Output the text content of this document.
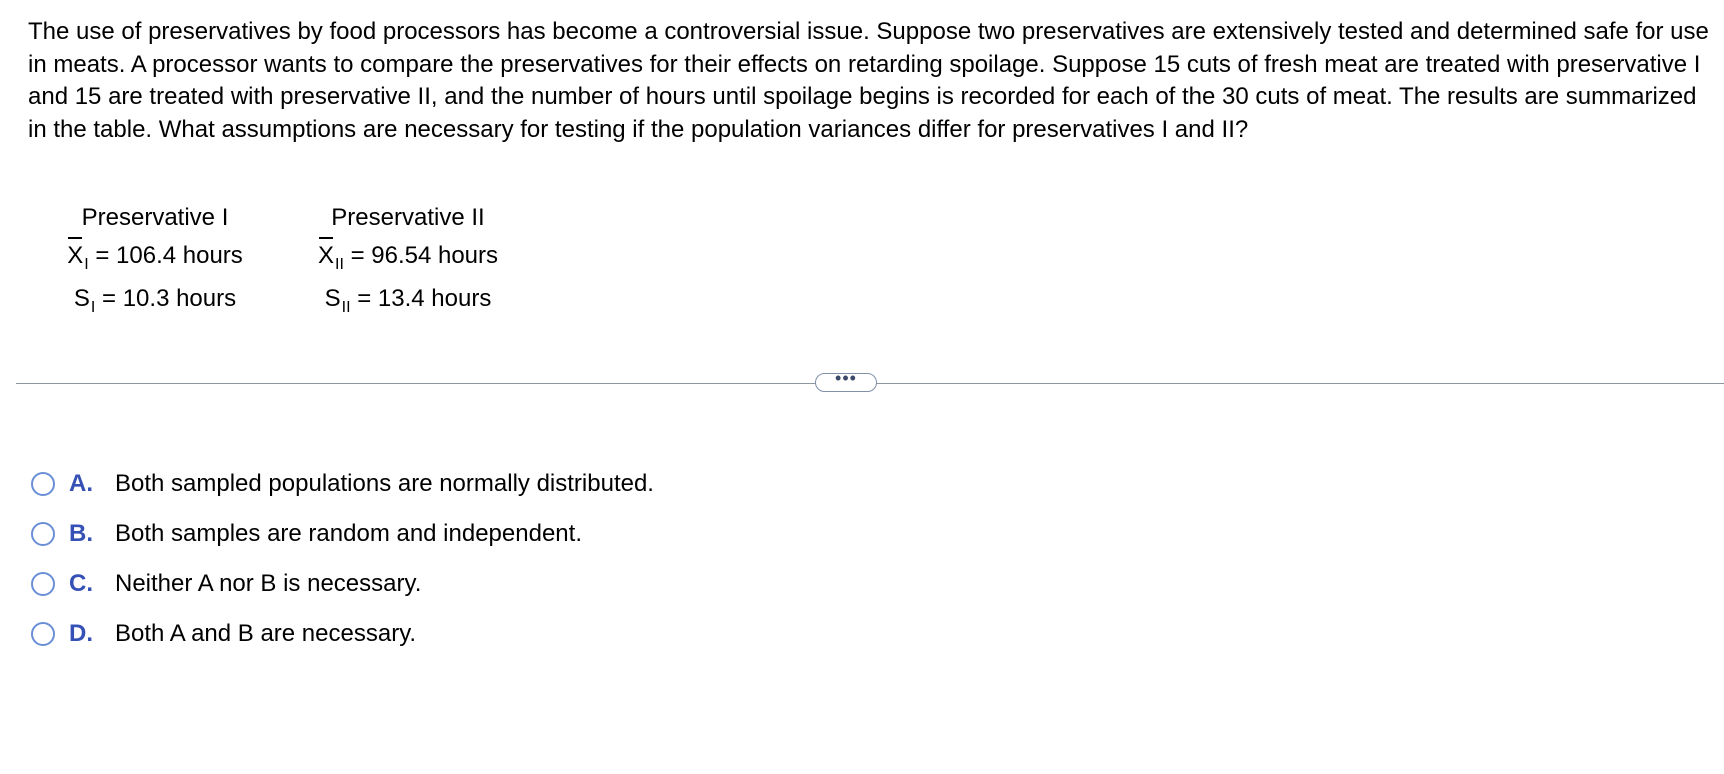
The use of preservatives by food processors has become a controversial issue. Suppose two preservatives are extensively tested and determined safe for use in meats. A processor wants to compare the preservatives for their effects on retarding spoilage. Suppose 15 cuts of fresh meat are treated with preservative I and 15 are treated with preservative II, and the number of hours until spoilage begins is recorded for each of the 30 cuts of meat. The results are summarized in the table. What assumptions are necessary for testing if the population variances differ for preservatives I and II?

Preservative I
$X_I = 106.4$ hours
$S_I = 10.3$ hours
Preservative II
$X_{II} = 96.54$ hours
$S_{II} = 13.4$ hours
•••
A. Both sampled populations are normally distributed.
B. Both samples are random and independent.
C. Neither A nor B is necessary.
D. Both A and B are necessary.
